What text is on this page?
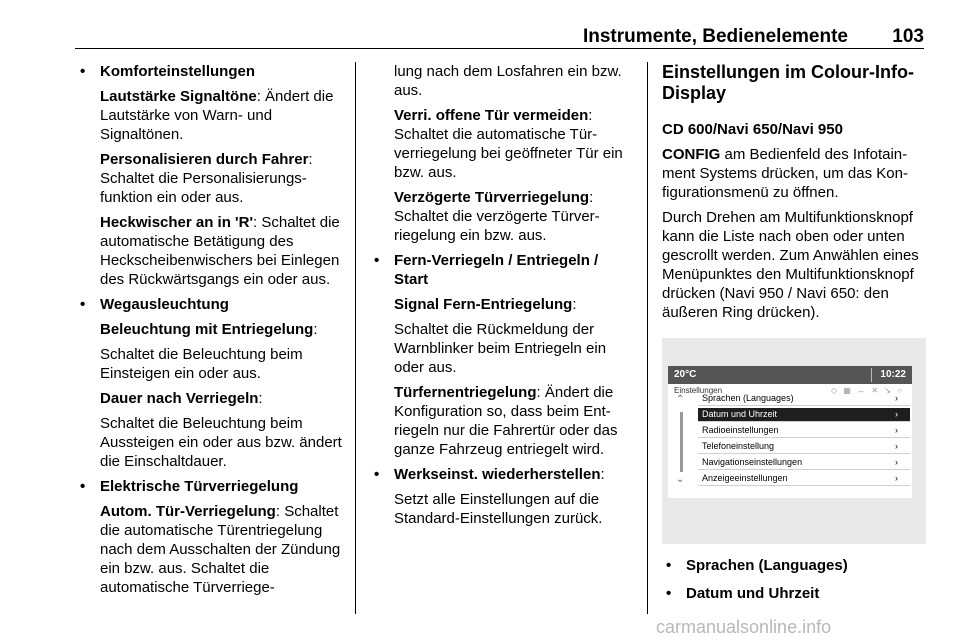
Instrumente, Bedienelemente 103
• Komforteinstellungen

Lautstärke Signaltöne: Ändert die Lautstärke von Warn- und Signaltönen.

Personalisieren durch Fahrer: Schaltet die Personalisierungsfunktion ein oder aus.

Heckwischer an in 'R': Schaltet die automatische Betätigung des Heckscheibenwischers bei Einlegen des Rückwärtsgangs ein oder aus.

• Wegausleuchtung

Beleuchtung mit Entriegelung:

Schaltet die Beleuchtung beim Einsteigen ein oder aus.

Dauer nach Verriegeln:

Schaltet die Beleuchtung beim Aussteigen ein oder aus bzw. ändert die Einschaltdauer.

• Elektrische Türverriegelung

Autom. Tür-Verriegelung: Schaltet die automatische Türentriegelung nach dem Ausschalten der Zündung ein bzw. aus. Schaltet die automatische Türverriege-

lung nach dem Losfahren ein bzw. aus.

Verri. offene Tür vermeiden: Schaltet die automatische Türverriegelung bei geöffneter Tür ein bzw. aus.

Verzögerte Türverriegelung: Schaltet die verzögerte Türverriegelung ein bzw. aus.

• Fern-Verriegeln / Entriegeln / Start

Signal Fern-Entriegelung:

Schaltet die Rückmeldung der Warnblinker beim Entriegeln ein oder aus.

Türfernentriegelung: Ändert die Konfiguration so, dass beim Entriegeln nur die Fahrertür oder das ganze Fahrzeug entriegelt wird.

• Werkseinst. wiederherstellen:

Setzt alle Einstellungen auf die Standard-Einstellungen zurück.

Einstellungen im Colour-Info-Display

CD 600/Navi 650/Navi 950

CONFIG am Bedienfeld des Infotainment Systems drücken, um das Konfigurationsmenü zu öffnen.

Durch Drehen am Multifunktionsknopf kann die Liste nach oben oder unten gescrollt werden. Zum Anwählen eines Menüpunktes den Multifunktionsknopf drücken (Navi 950 / Navi 650: den äußeren Ring drücken).

20°C	10:22
Einstellungen	◇ ▦ ↔ ✕ ↘ ○
⌃
⌄
Sprachen (Languages)	›
Datum und Uhrzeit	›
Radioeinstellungen	›
Telefoneinstellung	›
Navigationseinstellungen	›
Anzeigeeinstellungen	›
• Sprachen (Languages)
• Datum und Uhrzeit
carmanualsonline.info
